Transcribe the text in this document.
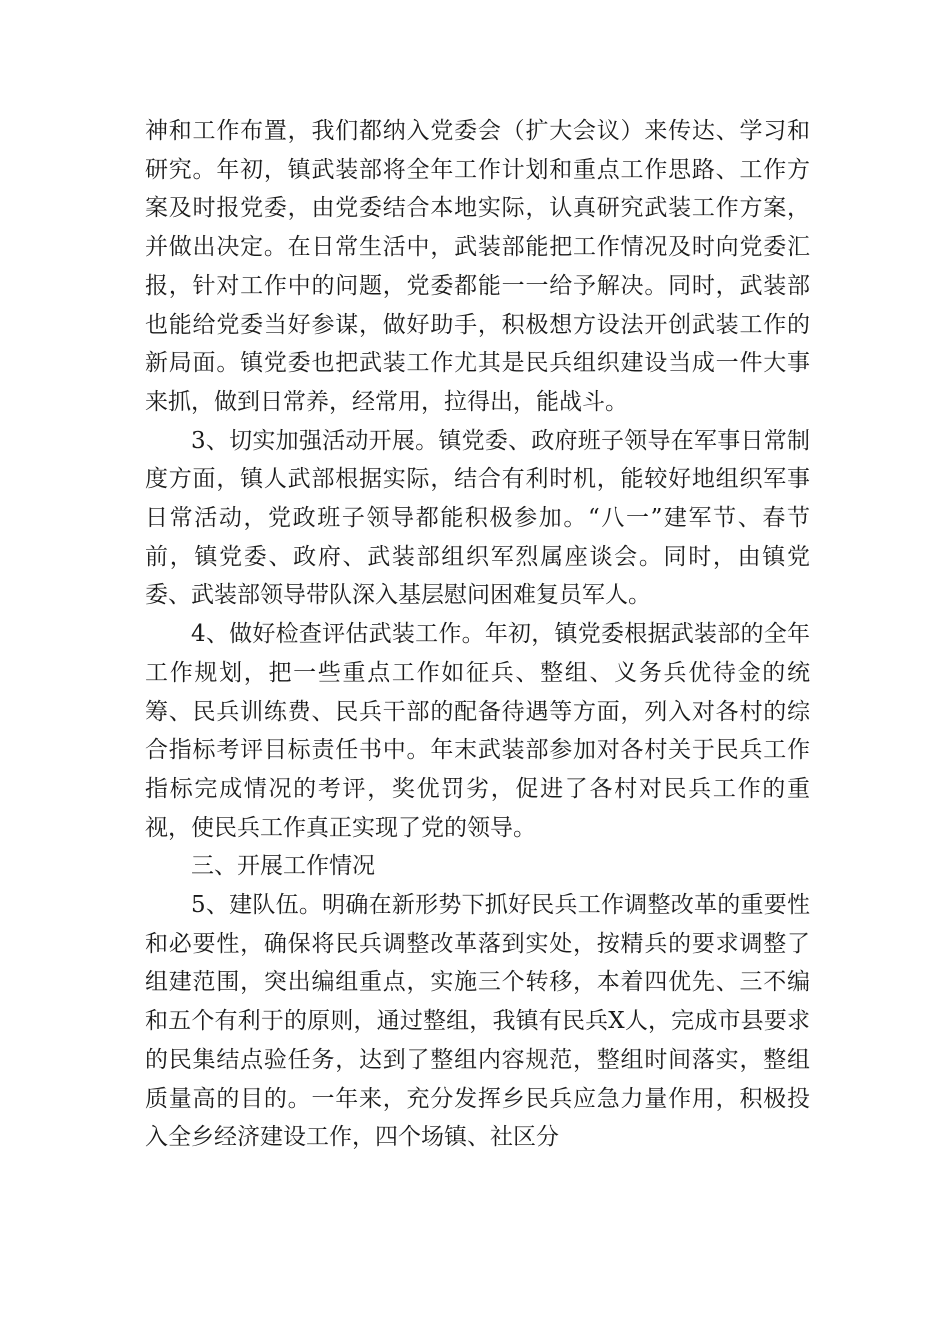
神和工作布置，我们都纳入党委会（扩大会议）来传达、学习和研究。年初，镇武装部将全年工作计划和重点工作思路、工作方案及时报党委，由党委结合本地实际，认真研究武装工作方案，并做出决定。在日常生活中，武装部能把工作情况及时向党委汇报，针对工作中的问题，党委都能一一给予解决。同时，武装部也能给党委当好参谋，做好助手，积极想方设法开创武装工作的新局面。镇党委也把武装工作尤其是民兵组织建设当成一件大事来抓，做到日常养，经常用，拉得出，能战斗。

3、切实加强活动开展。镇党委、政府班子领导在军事日常制度方面，镇人武部根据实际，结合有利时机，能较好地组织军事日常活动，党政班子领导都能积极参加。“八一”建军节、春节前，镇党委、政府、武装部组织军烈属座谈会。同时，由镇党委、武装部领导带队深入基层慰问困难复员军人。

4、做好检查评估武装工作。年初，镇党委根据武装部的全年工作规划，把一些重点工作如征兵、整组、义务兵优待金的统筹、民兵训练费、民兵干部的配备待遇等方面，列入对各村的综合指标考评目标责任书中。年末武装部参加对各村关于民兵工作指标完成情况的考评，奖优罚劣，促进了各村对民兵工作的重视，使民兵工作真正实现了党的领导。

三、开展工作情况

5、建队伍。明确在新形势下抓好民兵工作调整改革的重要性和必要性，确保将民兵调整改革落到实处，按精兵的要求调整了组建范围，突出编组重点，实施三个转移，本着四优先、三不编和五个有利于的原则，通过整组，我镇有民兵X人，完成市县要求的民集结点验任务，达到了整组内容规范，整组时间落实，整组质量高的目的。一年来，充分发挥乡民兵应急力量作用，积极投入全乡经济建设工作，四个场镇、社区分
